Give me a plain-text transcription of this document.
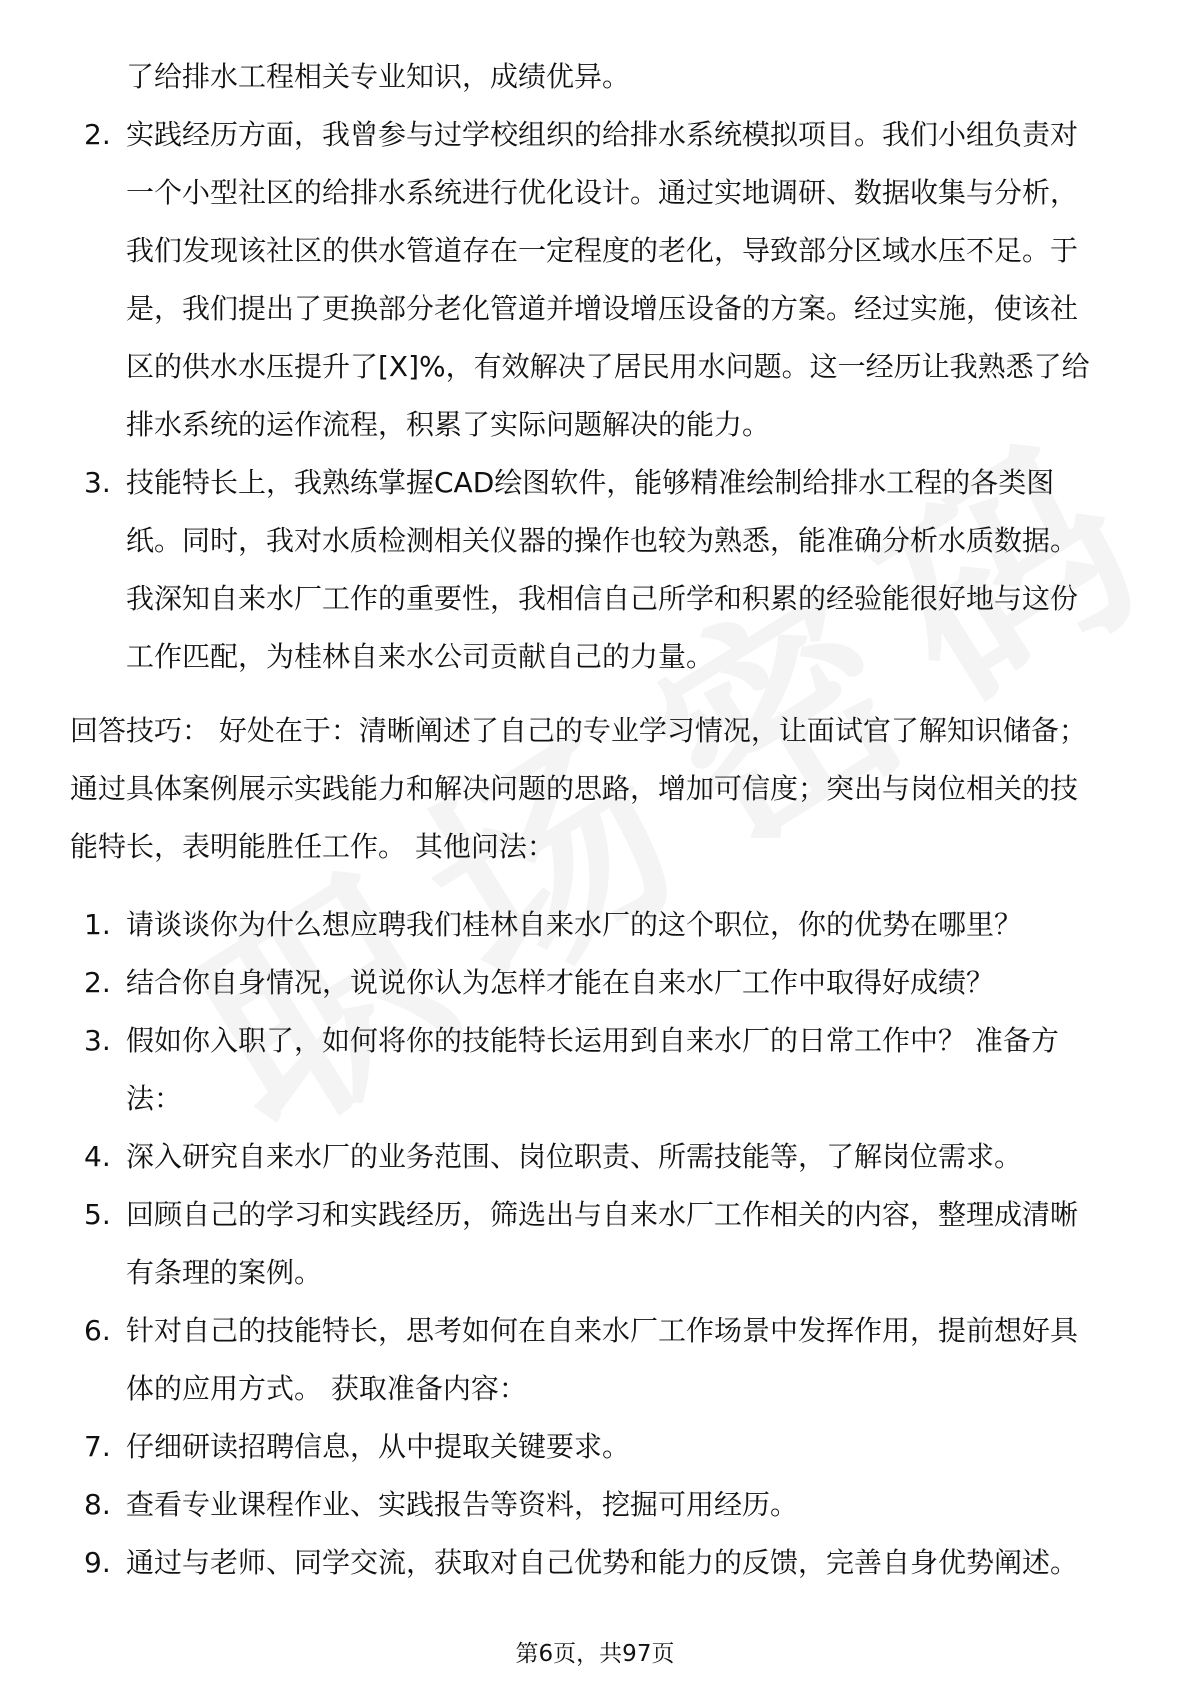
了给排水工程相关专业知识，成绩优异。

2. 实践经历方面，我曾参与过学校组织的给排水系统模拟项目。我们小组负责对

一个小型社区的给排水系统进行优化设计。通过实地调研、数据收集与分析，

我们发现该社区的供水管道存在一定程度的老化，导致部分区域水压不足。于

是，我们提出了更换部分老化管道并增设增压设备的方案。经过实施，使该社

区的供水水压提升了[X]%，有效解决了居民用水问题。这一经历让我熟悉了给

排水系统的运作流程，积累了实际问题解决的能力。

3. 技能特长上，我熟练掌握CAD绘图软件，能够精准绘制给排水工程的各类图

纸。同时，我对水质检测相关仪器的操作也较为熟悉，能准确分析水质数据。

我深知自来水厂工作的重要性，我相信自己所学和积累的经验能很好地与这份

工作匹配，为桂林自来水公司贡献自己的力量。

回答技巧： 好处在于：清晰阐述了自己的专业学习情况，让面试官了解知识储备；

通过具体案例展示实践能力和解决问题的思路，增加可信度；突出与岗位相关的技

能特长，表明能胜任工作。 其他问法：

1. 请谈谈你为什么想应聘我们桂林自来水厂的这个职位，你的优势在哪里？

2. 结合你自身情况，说说你认为怎样才能在自来水厂工作中取得好成绩？

3. 假如你入职了，如何将你的技能特长运用到自来水厂的日常工作中？ 准备方

法：

4. 深入研究自来水厂的业务范围、岗位职责、所需技能等，了解岗位需求。

5. 回顾自己的学习和实践经历，筛选出与自来水厂工作相关的内容，整理成清晰

有条理的案例。

6. 针对自己的技能特长，思考如何在自来水厂工作场景中发挥作用，提前想好具

体的应用方式。 获取准备内容：

7. 仔细研读招聘信息，从中提取关键要求。

8. 查看专业课程作业、实践报告等资料，挖掘可用经历。

9. 通过与老师、同学交流，获取对自己优势和能力的反馈，完善自身优势阐述。

第6页，共97页
